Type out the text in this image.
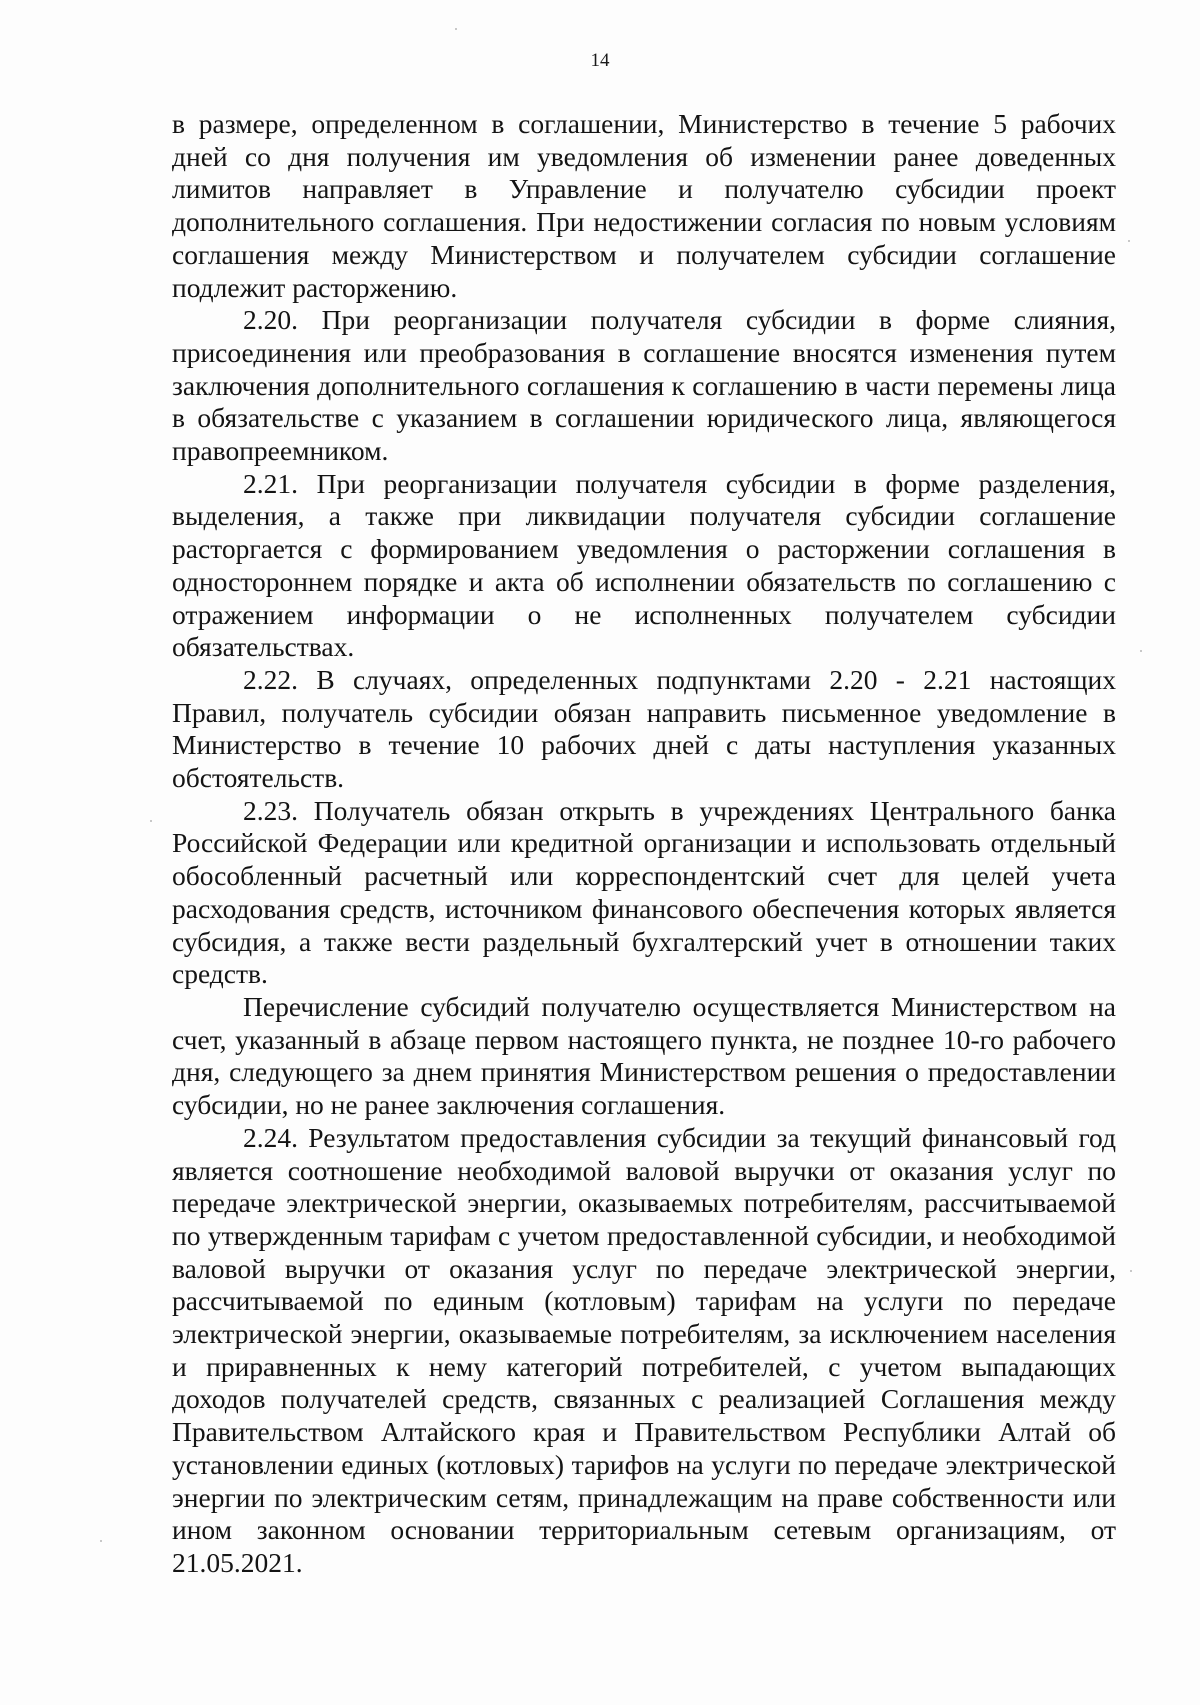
14

в размере, определенном в соглашении, Министерство в течение 5 рабочих дней со дня получения им уведомления об изменении ранее доведенных лимитов направляет в Управление и получателю субсидии проект дополнительного соглашения. При недостижении согласия по новым условиям соглашения между Министерством и получателем субсидии соглашение подлежит расторжению.

2.20. При реорганизации получателя субсидии в форме слияния, присоединения или преобразования в соглашение вносятся изменения путем заключения дополнительного соглашения к соглашению в части перемены лица в обязательстве с указанием в соглашении юридического лица, являющегося правопреемником.

2.21. При реорганизации получателя субсидии в форме разделения, выделения, а также при ликвидации получателя субсидии соглашение расторгается с формированием уведомления о расторжении соглашения в одностороннем порядке и акта об исполнении обязательств по соглашению с отражением информации о не исполненных получателем субсидии обязательствах.

2.22. В случаях, определенных подпунктами 2.20 - 2.21 настоящих Правил, получатель субсидии обязан направить письменное уведомление в Министерство в течение 10 рабочих дней с даты наступления указанных обстоятельств.

2.23. Получатель обязан открыть в учреждениях Центрального банка Российской Федерации или кредитной организации и использовать отдельный обособленный расчетный или корреспондентский счет для целей учета расходования средств, источником финансового обеспечения которых является субсидия, а также вести раздельный бухгалтерский учет в отношении таких средств.

Перечисление субсидий получателю осуществляется Министерством на счет, указанный в абзаце первом настоящего пункта, не позднее 10-го рабочего дня, следующего за днем принятия Министерством решения о предоставлении субсидии, но не ранее заключения соглашения.

2.24. Результатом предоставления субсидии за текущий финансовый год является соотношение необходимой валовой выручки от оказания услуг по передаче электрической энергии, оказываемых потребителям, рассчитываемой по утвержденным тарифам с учетом предоставленной субсидии, и необходимой валовой выручки от оказания услуг по передаче электрической энергии, рассчитываемой по единым (котловым) тарифам на услуги по передаче электрической энергии, оказываемые потребителям, за исключением населения и приравненных к нему категорий потребителей, с учетом выпадающих доходов получателей средств, связанных с реализацией Соглашения между Правительством Алтайского края и Правительством Республики Алтай об установлении единых (котловых) тарифов на услуги по передаче электрической энергии по электрическим сетям, принадлежащим на праве собственности или ином законном основании территориальным сетевым организациям, от 21.05.2021.
